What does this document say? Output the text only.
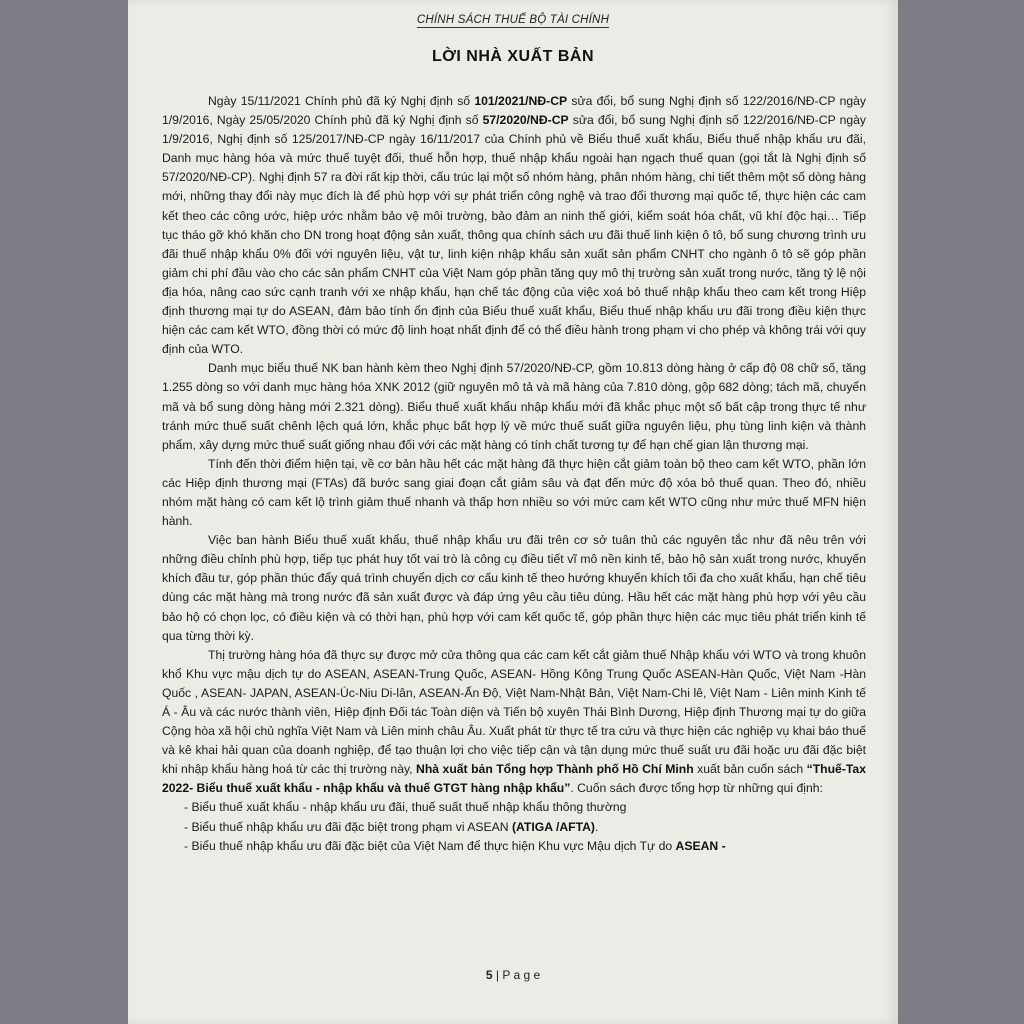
CHÍNH SÁCH THUẾ BỘ TÀI CHÍNH
LỜI NHÀ XUẤT BẢN

Ngày 15/11/2021 Chính phủ đã ký Nghị định số 101/2021/NĐ-CP sửa đổi, bổ sung Nghị định số 122/2016/NĐ-CP ngày 1/9/2016, Ngày 25/05/2020 Chính phủ đã ký Nghị định số 57/2020/NĐ-CP sửa đổi, bổ sung Nghị định số 122/2016/NĐ-CP ngày 1/9/2016, Nghị định số 125/2017/NĐ-CP ngày 16/11/2017 của Chính phủ về Biểu thuế xuất khẩu, Biểu thuế nhập khẩu ưu đãi, Danh mục hàng hóa và mức thuế tuyệt đối, thuế hỗn hợp, thuế nhập khẩu ngoài hạn ngạch thuế quan (gọi tắt là Nghị định số 57/2020/NĐ-CP). Nghị định 57 ra đời rất kịp thời, cấu trúc lại một số nhóm hàng, phân nhóm hàng, chi tiết thêm một số dòng hàng mới, những thay đổi này mục đích là để phù hợp với sự phát triển công nghệ và trao đổi thương mại quốc tế, thực hiện các cam kết theo các công ước, hiệp ước nhằm bảo vệ môi trường, bảo đảm an ninh thế giới, kiểm soát hóa chất, vũ khí độc hại… Tiếp tục tháo gỡ khó khăn cho DN trong hoạt động sản xuất, thông qua chính sách ưu đãi thuế linh kiện ô tô, bổ sung chương trình ưu đãi thuế nhập khẩu 0% đối với nguyên liệu, vật tư, linh kiện nhập khẩu sản xuất sản phẩm CNHT cho ngành ô tô sẽ góp phần giảm chi phí đầu vào cho các sản phẩm CNHT của Việt Nam góp phần tăng quy mô thị trường sản xuất trong nước, tăng tỷ lệ nội địa hóa, nâng cao sức cạnh tranh với xe nhập khẩu, hạn chế tác động của việc xoá bỏ thuế nhập khẩu theo cam kết trong Hiệp định thương mại tự do ASEAN, đảm bảo tính ổn định của Biểu thuế xuất khẩu, Biểu thuế nhập khẩu ưu đãi trong điều kiện thực hiện các cam kết WTO, đồng thời có mức độ linh hoạt nhất định để có thể điều hành trong phạm vi cho phép và không trái với quy định của WTO.

Danh mục biểu thuế NK ban hành kèm theo Nghị định 57/2020/NĐ-CP, gồm 10.813 dòng hàng ở cấp độ 08 chữ số, tăng 1.255 dòng so với danh mục hàng hóa XNK 2012 (giữ nguyên mô tả và mã hàng của 7.810 dòng, gộp 682 dòng; tách mã, chuyển mã và bổ sung dòng hàng mới 2.321 dòng). Biểu thuế xuất khẩu nhập khẩu mới đã khắc phục một số bất cập trong thực tế như tránh mức thuế suất chênh lệch quá lớn, khắc phục bất hợp lý về mức thuế suất giữa nguyên liệu, phụ tùng linh kiện và thành phẩm, xây dựng mức thuế suất giống nhau đối với các mặt hàng có tính chất tương tự để hạn chế gian lận thương mại.

Tính đến thời điểm hiện tại, về cơ bản hầu hết các mặt hàng đã thực hiện cắt giảm toàn bộ theo cam kết WTO, phần lớn các Hiệp định thương mại (FTAs) đã bước sang giai đoạn cắt giảm sâu và đạt đến mức độ xóa bỏ thuế quan. Theo đó, nhiều nhóm mặt hàng có cam kết lộ trình giảm thuế nhanh và thấp hơn nhiều so với mức cam kết WTO cũng như mức thuế MFN hiện hành.

Việc ban hành Biểu thuế xuất khẩu, thuế nhập khẩu ưu đãi trên cơ sở tuân thủ các nguyên tắc như đã nêu trên với những điều chỉnh phù hợp, tiếp tục phát huy tốt vai trò là công cụ điều tiết vĩ mô nền kinh tế, bảo hộ sản xuất trong nước, khuyến khích đầu tư, góp phần thúc đẩy quá trình chuyển dịch cơ cấu kinh tế theo hướng khuyến khích tối đa cho xuất khẩu, hạn chế tiêu dùng các mặt hàng mà trong nước đã sản xuất được và đáp ứng yêu cầu tiêu dùng. Hầu hết các mặt hàng phù hợp với yêu cầu bảo hộ có chọn lọc, có điều kiện và có thời hạn, phù hợp với cam kết quốc tế, góp phần thực hiện các mục tiêu phát triển kinh tế qua từng thời kỳ.

Thị trường hàng hóa đã thực sự được mở cửa thông qua các cam kết cắt giảm thuế Nhập khẩu với WTO và trong khuôn khổ Khu vực mậu dịch tự do ASEAN, ASEAN-Trung Quốc, ASEAN- Hồng Kông Trung Quốc ASEAN-Hàn Quốc, Việt Nam -Hàn Quốc , ASEAN- JAPAN, ASEAN-Úc-Niu Di-lân, ASEAN-Ấn Độ, Việt Nam-Nhật Bản, Việt Nam-Chi lê, Việt Nam - Liên minh Kinh tế Á - Âu và các nước thành viên, Hiệp định Đối tác Toàn diện và Tiến bộ xuyên Thái Bình Dương, Hiệp định Thương mại tự do giữa Cộng hòa xã hội chủ nghĩa Việt Nam và Liên minh châu Âu. Xuất phát từ thực tế tra cứu và thực hiện các nghiệp vụ khai báo thuế và kê khai hải quan của doanh nghiệp, để tạo thuận lợi cho việc tiếp cận và tận dụng mức thuế suất ưu đãi hoặc ưu đãi đặc biệt khi nhập khẩu hàng hoá từ các thị trường này, Nhà xuất bản Tổng hợp Thành phố Hồ Chí Minh xuất bản cuốn sách “Thuế-Tax 2022- Biểu thuế xuất khẩu - nhập khẩu và thuế GTGT hàng nhập khẩu”. Cuốn sách được tổng hợp từ những qui định:

- Biểu thuế xuất khẩu - nhập khẩu ưu đãi, thuế suất thuế nhập khẩu thông thường
- Biểu thuế nhập khẩu ưu đãi đặc biệt trong phạm vi ASEAN (ATIGA /AFTA).
- Biểu thuế nhập khẩu ưu đãi đặc biệt của Việt Nam để thực hiện Khu vực Mậu dịch Tự do ASEAN -
5 | P a g e
